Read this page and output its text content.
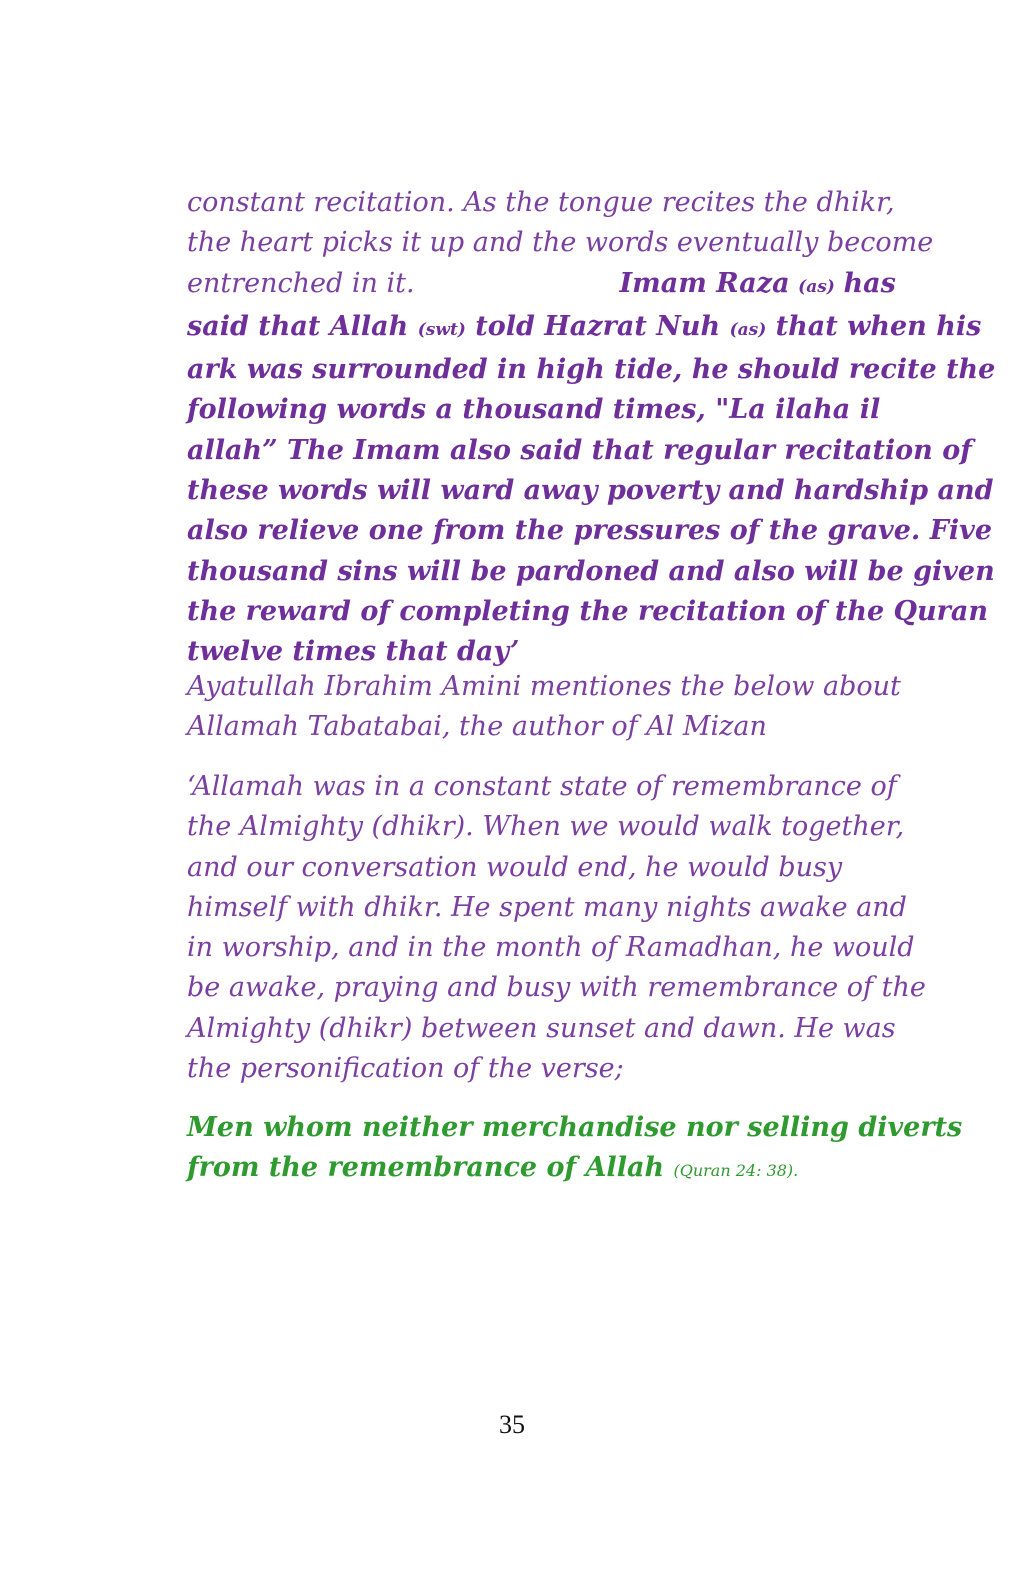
constant recitation. As the tongue recites the dhikr,
the heart picks it up and the words eventually become
entrenched in it.	Imam Raza (as) has
said that Allah (swt) told Hazrat Nuh (as) that when his
ark was surrounded in high tide, he should recite the
following words a thousand times, "La ilaha il
allah” The Imam also said that regular recitation of
these words will ward away poverty and hardship and
also relieve one from the pressures of the grave. Five
thousand sins will be pardoned and also will be given
the reward of completing the recitation of the Quran
twelve times that day’
Ayatullah Ibrahim Amini mentiones the below about
Allamah Tabatabai, the author of Al Mizan
‘Allamah was in a constant state of remembrance of
the Almighty (dhikr). When we would walk together,
and our conversation would end, he would busy
himself with dhikr. He spent many nights awake and
in worship, and in the month of Ramadhan, he would
be awake, praying and busy with remembrance of the
Almighty (dhikr) between sunset and dawn. He was
the personification of the verse;
Men whom neither merchandise nor selling diverts
from the remembrance of Allah (Quran 24: 38).
35
